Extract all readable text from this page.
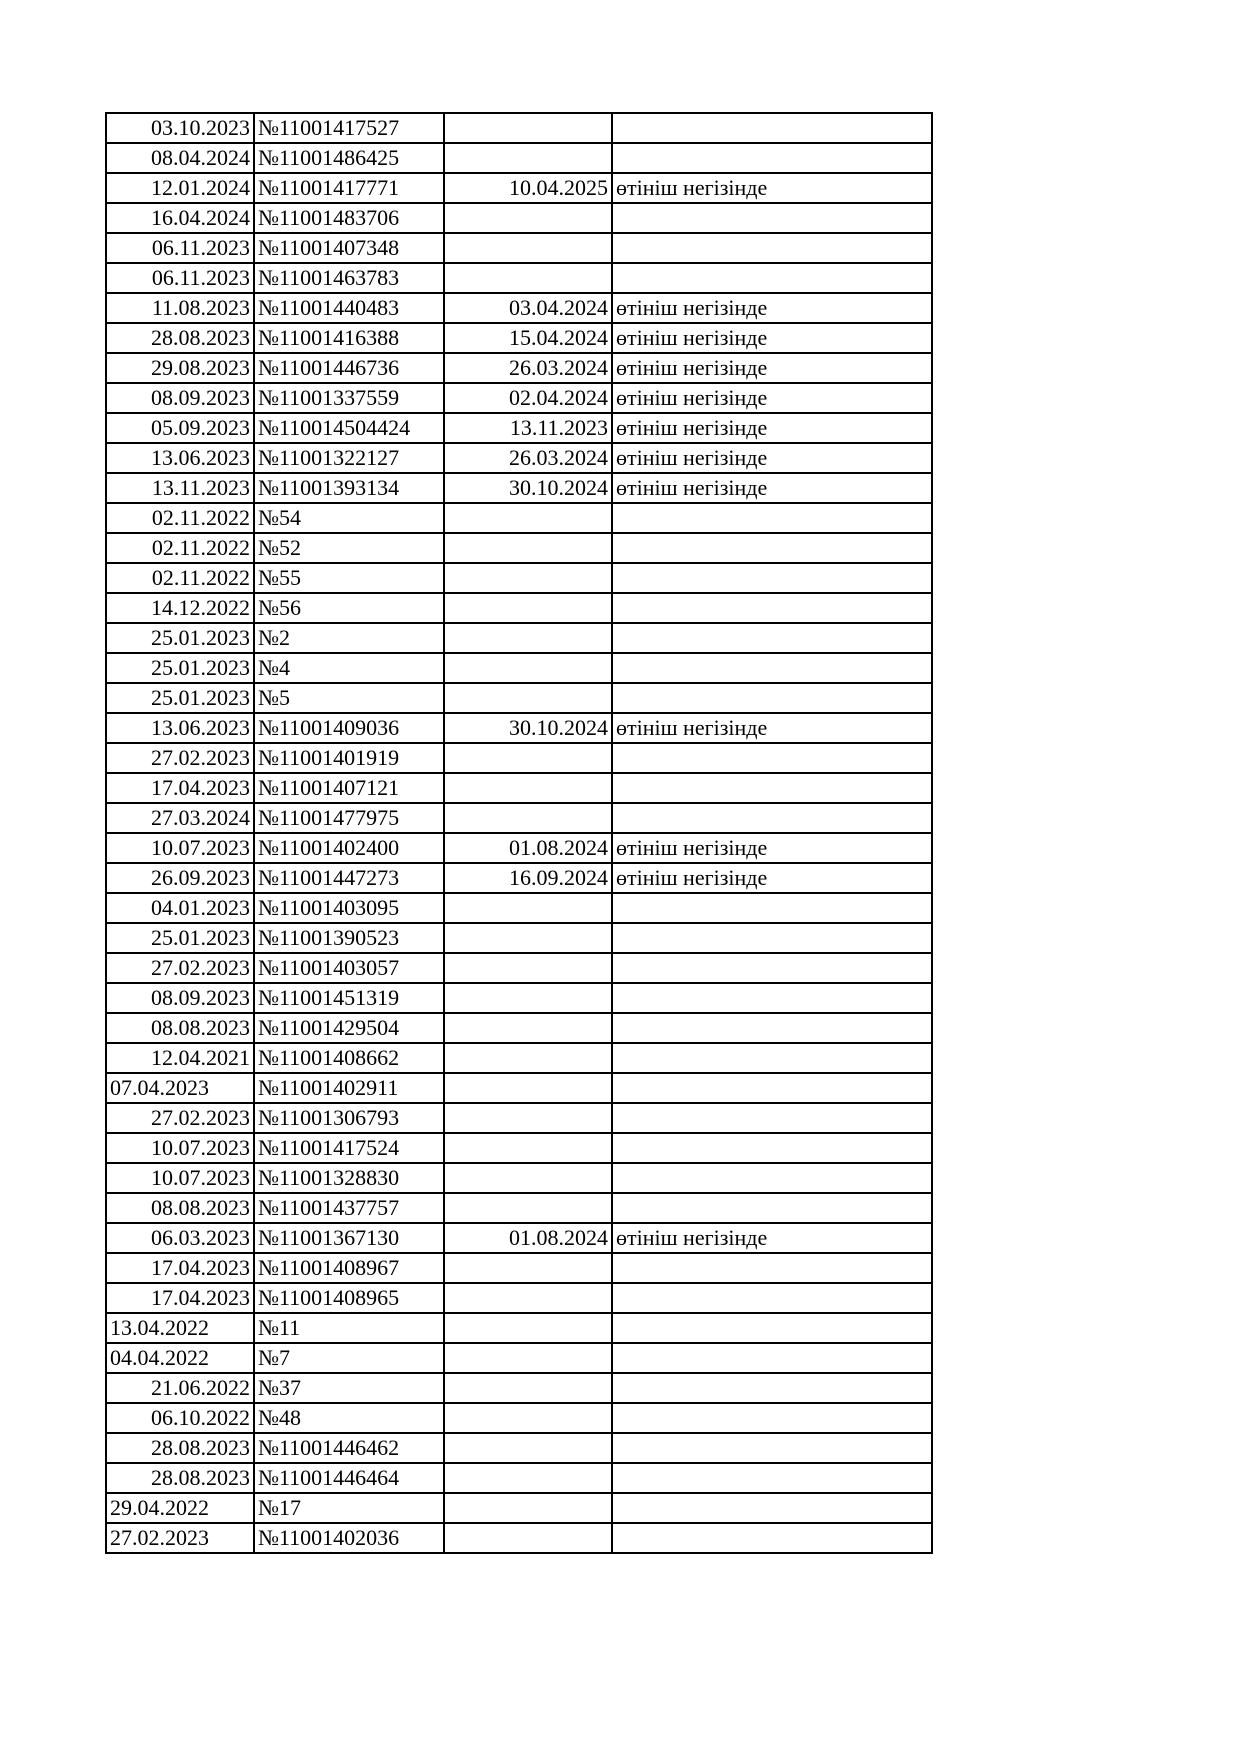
03.10.2023	№11001417527		
08.04.2024	№11001486425		
12.01.2024	№11001417771	10.04.2025	өтініш негізінде
16.04.2024	№11001483706		
06.11.2023	№11001407348		
06.11.2023	№11001463783		
11.08.2023	№11001440483	03.04.2024	өтініш негізінде
28.08.2023	№11001416388	15.04.2024	өтініш негізінде
29.08.2023	№11001446736	26.03.2024	өтініш негізінде
08.09.2023	№11001337559	02.04.2024	өтініш негізінде
05.09.2023	№110014504424	13.11.2023	өтініш негізінде
13.06.2023	№11001322127	26.03.2024	өтініш негізінде
13.11.2023	№11001393134	30.10.2024	өтініш негізінде
02.11.2022	№54		
02.11.2022	№52		
02.11.2022	№55		
14.12.2022	№56		
25.01.2023	№2		
25.01.2023	№4		
25.01.2023	№5		
13.06.2023	№11001409036	30.10.2024	өтініш негізінде
27.02.2023	№11001401919		
17.04.2023	№11001407121		
27.03.2024	№11001477975		
10.07.2023	№11001402400	01.08.2024	өтініш негізінде
26.09.2023	№11001447273	16.09.2024	өтініш негізінде
04.01.2023	№11001403095		
25.01.2023	№11001390523		
27.02.2023	№11001403057		
08.09.2023	№11001451319		
08.08.2023	№11001429504		
12.04.2021	№11001408662		
07.04.2023	№11001402911		
27.02.2023	№11001306793		
10.07.2023	№11001417524		
10.07.2023	№11001328830		
08.08.2023	№11001437757		
06.03.2023	№11001367130	01.08.2024	өтініш негізінде
17.04.2023	№11001408967		
17.04.2023	№11001408965		
13.04.2022	№11		
04.04.2022	№7		
21.06.2022	№37		
06.10.2022	№48		
28.08.2023	№11001446462		
28.08.2023	№11001446464		
29.04.2022	№17		
27.02.2023	№11001402036		
